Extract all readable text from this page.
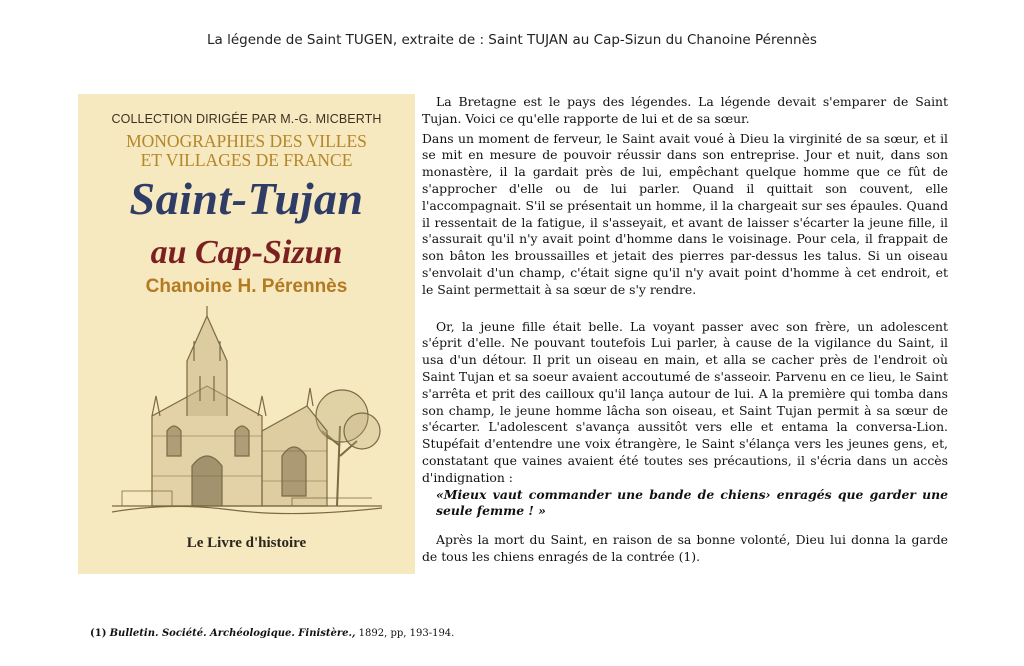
La légende de Saint TUGEN, extraite de : Saint TUJAN au Cap-Sizun du Chanoine Pérennès
COLLECTION DIRIGÉE PAR M.-G. MICBERTH
MONOGRAPHIES DES VILLES
ET VILLAGES DE FRANCE
Saint-Tujan
au Cap-Sizun
Chanoine H. Pérennès
Le Livre d'histoire

La Bretagne est le pays des légendes. La légende devait s'emparer de Saint Tujan. Voici ce qu'elle rapporte de lui et de sa sœur.

Dans un moment de ferveur, le Saint avait voué à Dieu la virginité de sa sœur, et il se mit en mesure de pouvoir réussir dans son entreprise. Jour et nuit, dans son monastère, il la gardait près de lui, empêchant quelque homme que ce fût de s'approcher d'elle ou de lui parler. Quand il quittait son couvent, elle l'accompagnait. S'il se présentait un homme, il la chargeait sur ses épaules. Quand il ressentait de la fatigue, il s'asseyait, et avant de laisser s'écarter la jeune fille, il s'assurait qu'il n'y avait point d'homme dans le voisinage. Pour cela, il frappait de son bâton les broussailles et jetait des pierres par-dessus les talus. Si un oiseau s'envolait d'un champ, c'était signe qu'il n'y avait point d'homme à cet endroit, et le Saint permettait à sa sœur de s'y rendre.

Or, la jeune fille était belle. La voyant passer avec son frère, un adolescent s'éprit d'elle. Ne pouvant toutefois Lui parler, à cause de la vigilance du Saint, il usa d'un détour. Il prit un oiseau en main, et alla se cacher près de l'endroit où Saint Tujan et sa soeur avaient accoutumé de s'asseoir. Parvenu en ce lieu, le Saint s'arrêta et prit des cailloux qu'il lança autour de lui. A la première qui tomba dans son champ, le jeune homme lâcha son oiseau, et Saint Tujan permit à sa sœur de s'écarter. L'adolescent s'avança aussitôt vers elle et entama la conversa-Lion. Stupéfait d'entendre une voix étrangère, le Saint s'élança vers les jeunes gens, et, constatant que vaines avaient été toutes ses précautions, il s'écria dans un accès d'indignation :

«Mieux vaut commander une bande de chiens› enragés que garder une seule femme ! »

Après la mort du Saint, en raison de sa bonne volonté, Dieu lui donna la garde de tous les chiens enragés de la contrée (1).

(1) Bulletin. Société. Archéologique. Finistère., 1892, pp, 193-194.
